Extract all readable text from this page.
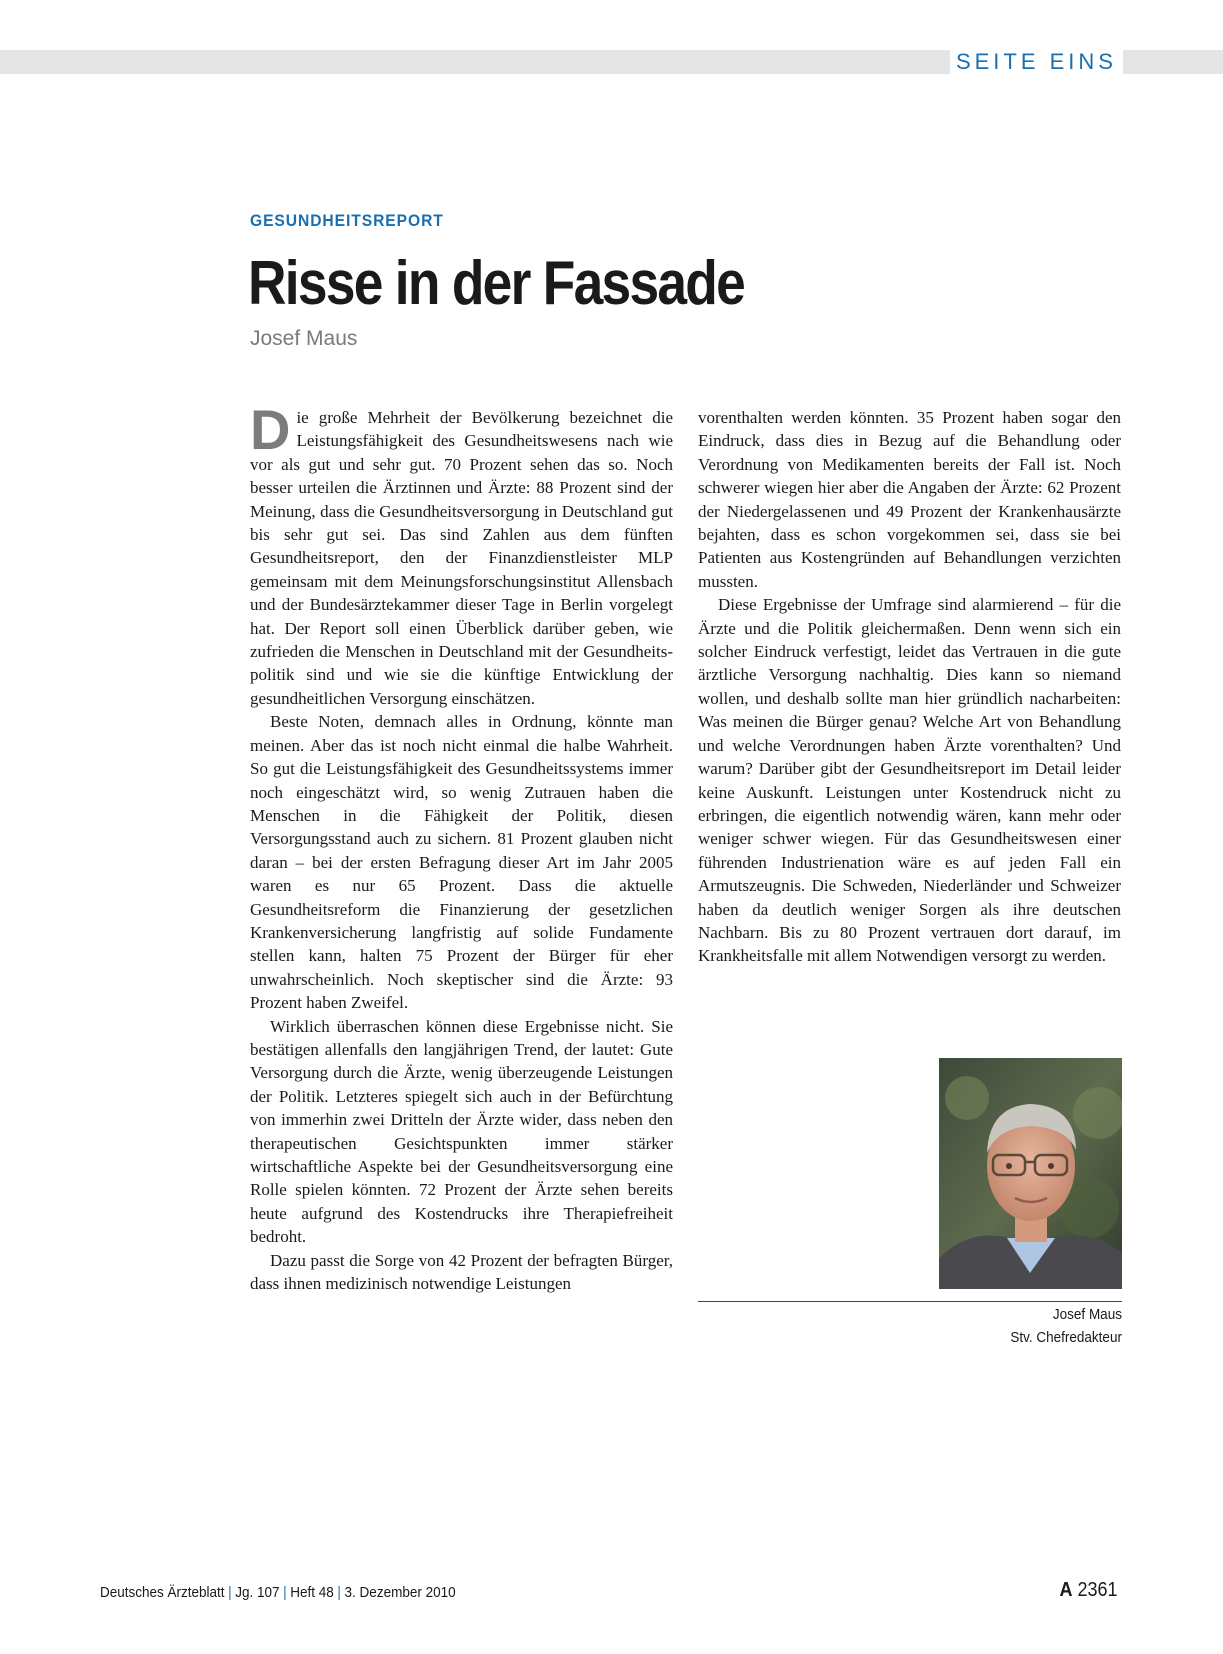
SEITE EINS
GESUNDHEITSREPORT
Risse in der Fassade
Josef Maus

Die große Mehrheit der Bevölkerung bezeichnet die Leistungsfähigkeit des Gesundheitswesens nach wie vor als gut und sehr gut. 70 Prozent sehen das so. Noch besser urteilen die Ärztinnen und Ärzte: 88 Prozent sind der Meinung, dass die Gesundheitsversorgung in Deutschland gut bis sehr gut sei. Das sind Zahlen aus dem fünften Gesundheitsreport, den der Finanzdienstleister MLP gemeinsam mit dem Meinungsforschungsinstitut Allensbach und der Bundesärztekammer dieser Tage in Berlin vorgelegt hat. Der Report soll einen Überblick darüber geben, wie zufrieden die Menschen in Deutschland mit der Gesundheitspolitik sind und wie sie die künftige Entwicklung der gesundheitlichen Versorgung einschätzen.

Beste Noten, demnach alles in Ordnung, könnte man meinen. Aber das ist noch nicht einmal die halbe Wahrheit. So gut die Leistungsfähigkeit des Gesundheitssystems immer noch eingeschätzt wird, so wenig Zutrauen haben die Menschen in die Fähigkeit der Politik, diesen Versorgungsstand auch zu sichern. 81 Prozent glauben nicht daran – bei der ersten Befragung dieser Art im Jahr 2005 waren es nur 65 Prozent. Dass die aktuelle Gesundheitsreform die Finanzierung der gesetzlichen Krankenversicherung langfristig auf solide Fundamente stellen kann, halten 75 Prozent der Bürger für eher unwahrscheinlich. Noch skeptischer sind die Ärzte: 93 Prozent haben Zweifel.

Wirklich überraschen können diese Ergebnisse nicht. Sie bestätigen allenfalls den langjährigen Trend, der lautet: Gute Versorgung durch die Ärzte, wenig überzeugende Leistungen der Politik. Letzteres spiegelt sich auch in der Befürchtung von immerhin zwei Dritteln der Ärzte wider, dass neben den therapeutischen Gesichtspunkten immer stärker wirtschaftliche Aspekte bei der Gesundheitsversorgung eine Rolle spielen könnten. 72 Prozent der Ärzte sehen bereits heute aufgrund des Kostendrucks ihre Therapiefreiheit bedroht.

Dazu passt die Sorge von 42 Prozent der befragten Bürger, dass ihnen medizinisch notwendige Leistungen

vorenthalten werden könnten. 35 Prozent haben sogar den Eindruck, dass dies in Bezug auf die Behandlung oder Verordnung von Medikamenten bereits der Fall ist. Noch schwerer wiegen hier aber die Angaben der Ärzte: 62 Prozent der Niedergelassenen und 49 Prozent der Krankenhausärzte bejahten, dass es schon vorgekommen sei, dass sie bei Patienten aus Kostengründen auf Behandlungen verzichten mussten.

Diese Ergebnisse der Umfrage sind alarmierend – für die Ärzte und die Politik gleichermaßen. Denn wenn sich ein solcher Eindruck verfestigt, leidet das Vertrauen in die gute ärztliche Versorgung nachhaltig. Dies kann so niemand wollen, und deshalb sollte man hier gründlich nacharbeiten: Was meinen die Bürger genau? Welche Art von Behandlung und welche Verordnungen haben Ärzte vorenthalten? Und warum? Darüber gibt der Gesundheitsreport im Detail leider keine Auskunft. Leistungen unter Kostendruck nicht zu erbringen, die eigentlich notwendig wären, kann mehr oder weniger schwer wiegen. Für das Gesundheitswesen einer führenden Industrienation wäre es auf jeden Fall ein Armutszeugnis. Die Schweden, Niederländer und Schweizer haben da deutlich weniger Sorgen als ihre deutschen Nachbarn. Bis zu 80 Prozent vertrauen dort darauf, im Krankheitsfalle mit allem Notwendigen versorgt zu werden.

Josef Maus
Stv. Chefredakteur
Deutsches Ärzteblatt | Jg. 107 | Heft 48 | 3. Dezember 2010	A 2361
